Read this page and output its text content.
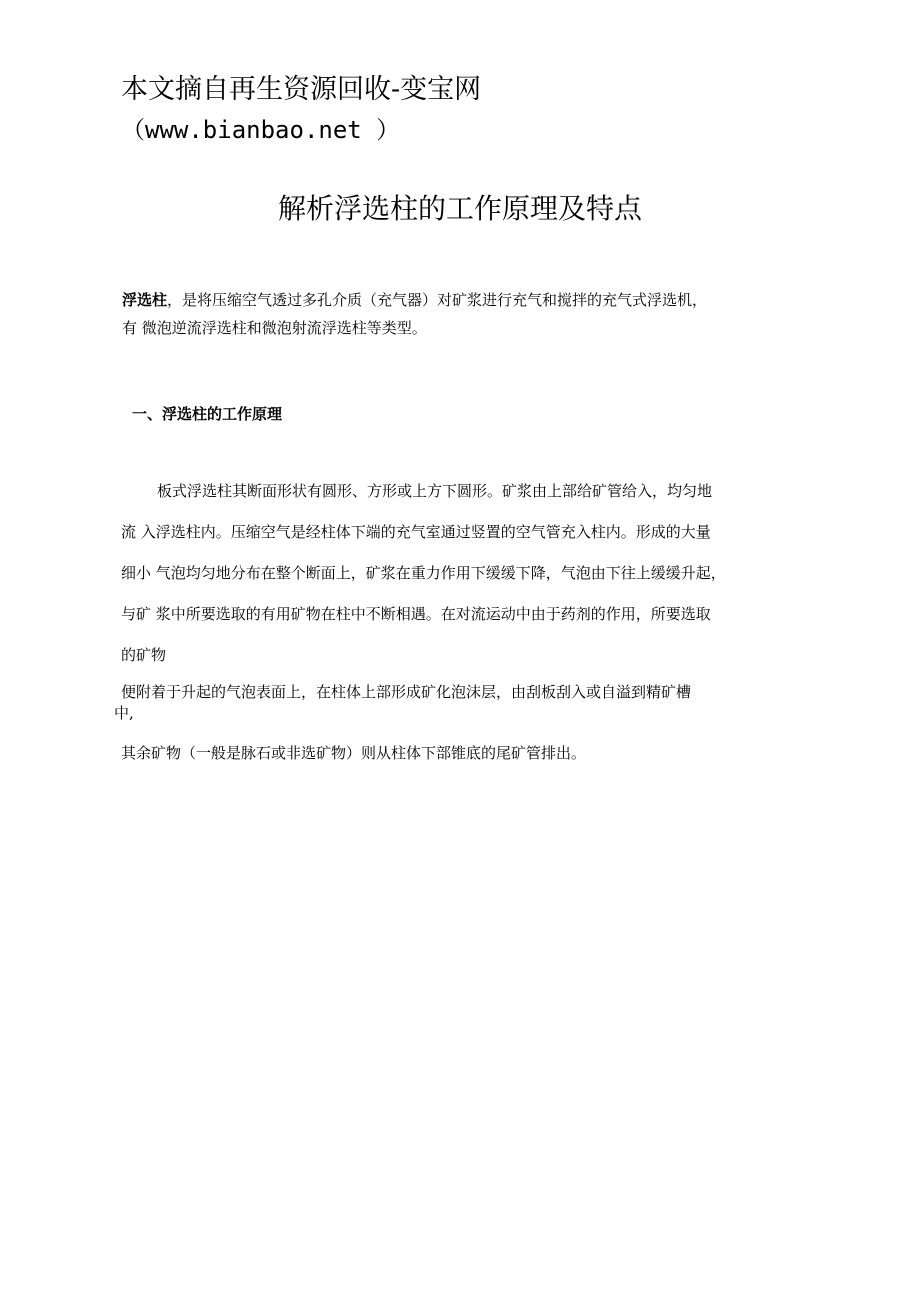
本文摘自再生资源回收-变宝网
（www.bianbao.net ）
解析浮选柱的工作原理及特点

浮选柱，是将压缩空气透过多孔介质（充气器）对矿浆进行充气和搅拌的充气式浮选机，

有 微泡逆流浮选柱和微泡射流浮选柱等类型。

一、浮选柱的工作原理

板式浮选柱其断面形状有圆形、方形或上方下圆形。矿浆由上部给矿管给入，均匀地

流 入浮选柱内。压缩空气是经柱体下端的充气室通过竖置的空气管充入柱内。形成的大量

细小 气泡均匀地分布在整个断面上，矿浆在重力作用下缓缓下降，气泡由下往上缓缓升起，

与矿 浆中所要选取的有用矿物在柱中不断相遇。在对流运动中由于药剂的作用，所要选取

的矿物

便附着于升起的气泡表面上，在柱体上部形成矿化泡沫层，由刮板刮入或自溢到精矿槽
中,

其余矿物（一般是脉石或非选矿物）则从柱体下部锥底的尾矿管排出。
